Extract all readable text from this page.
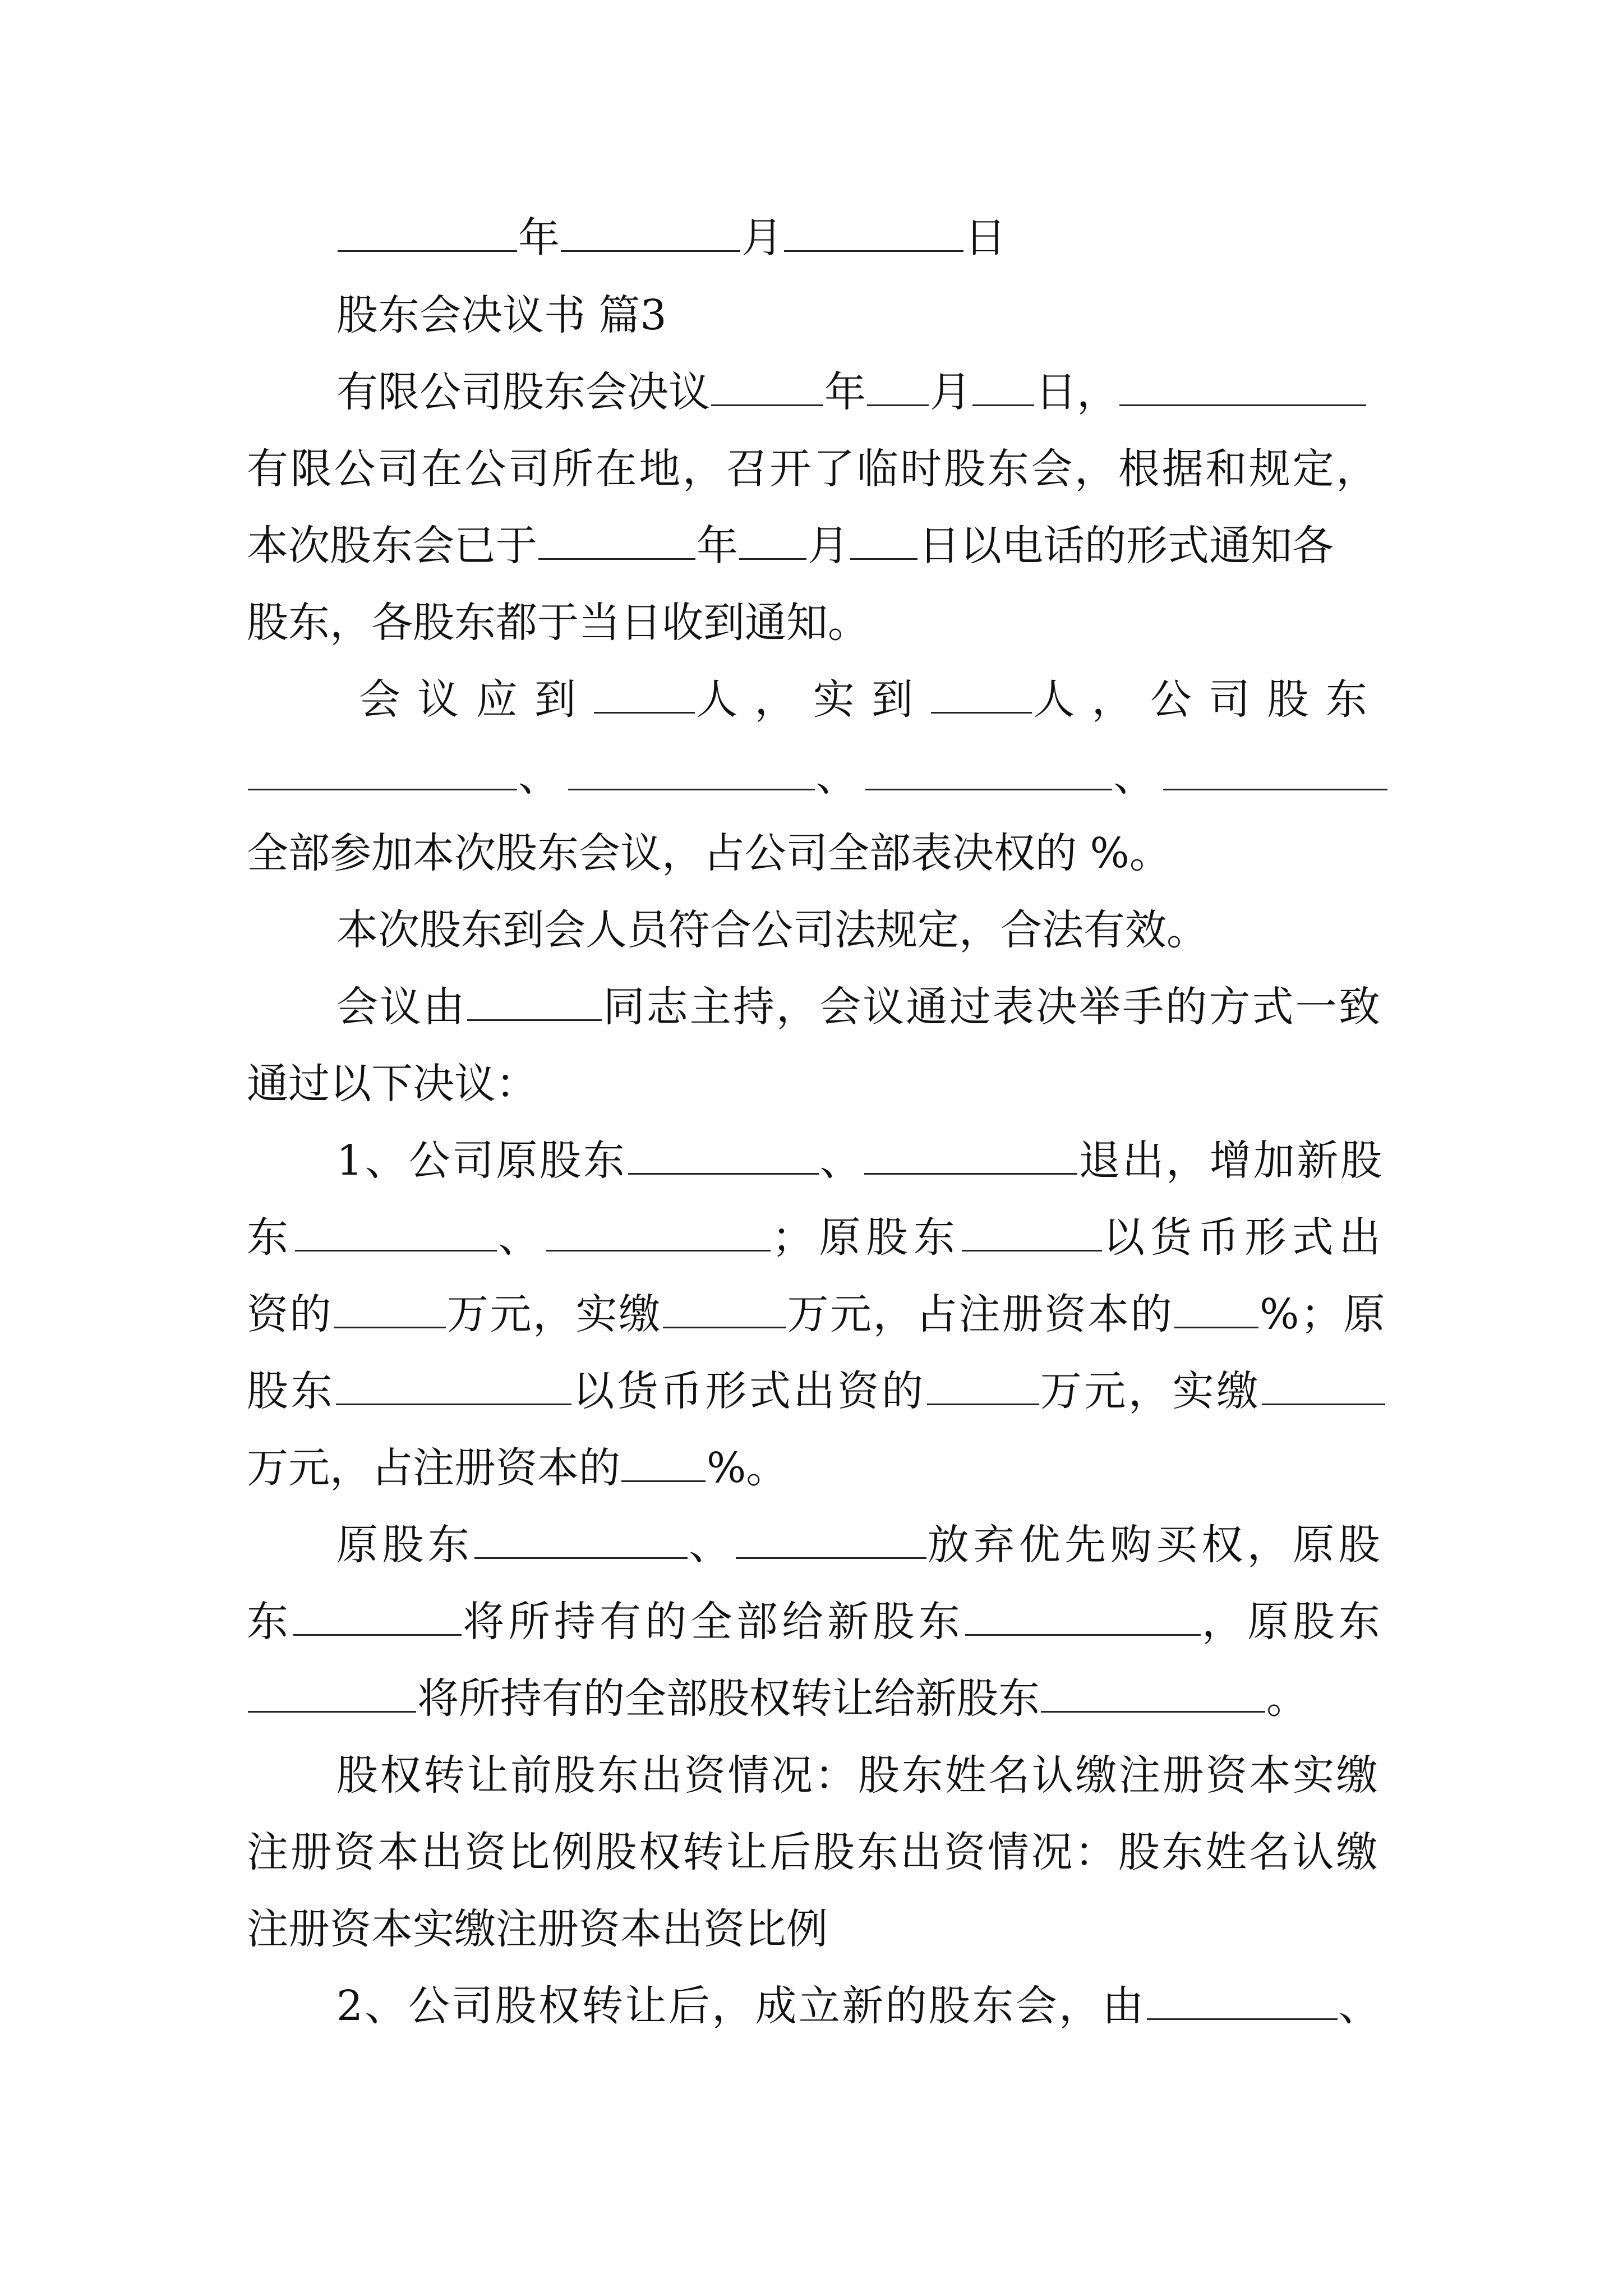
年	月	日
股东会决议书 篇3
有限公司股东会决议	年 月 日，
有限公司在公司所在地，召开了临时股东会，根据和规定，
本次股东会已于	年 月 日以电话的形式通知各
股东，各股东都于当日收到通知。
会议应到 人，实到 人，公司股东
、	、	、
全部参加本次股东会议，占公司全部表决权的 %。
本次股东到会人员符合公司法规定，合法有效。
会议由	同志主持，会议通过表决举手的方式一致
通过以下决议：
1、公司原股东	、	退出，增加新股
东	、	；原股东	以货币形式出
资的	万元，实缴	万元，占注册资本的 %；原
股东	以货币形式出资的	万元，实缴
万元，占注册资本的 %。
原股东	、	放弃优先购买权，原股
东	将所持有的全部给新股东	，原股东
将所持有的全部股权转让给新股东	。
股权转让前股东出资情况：股东姓名认缴注册资本实缴
注册资本出资比例股权转让后股东出资情况：股东姓名认缴
注册资本实缴注册资本出资比例
2、公司股权转让后，成立新的股东会，由	、
